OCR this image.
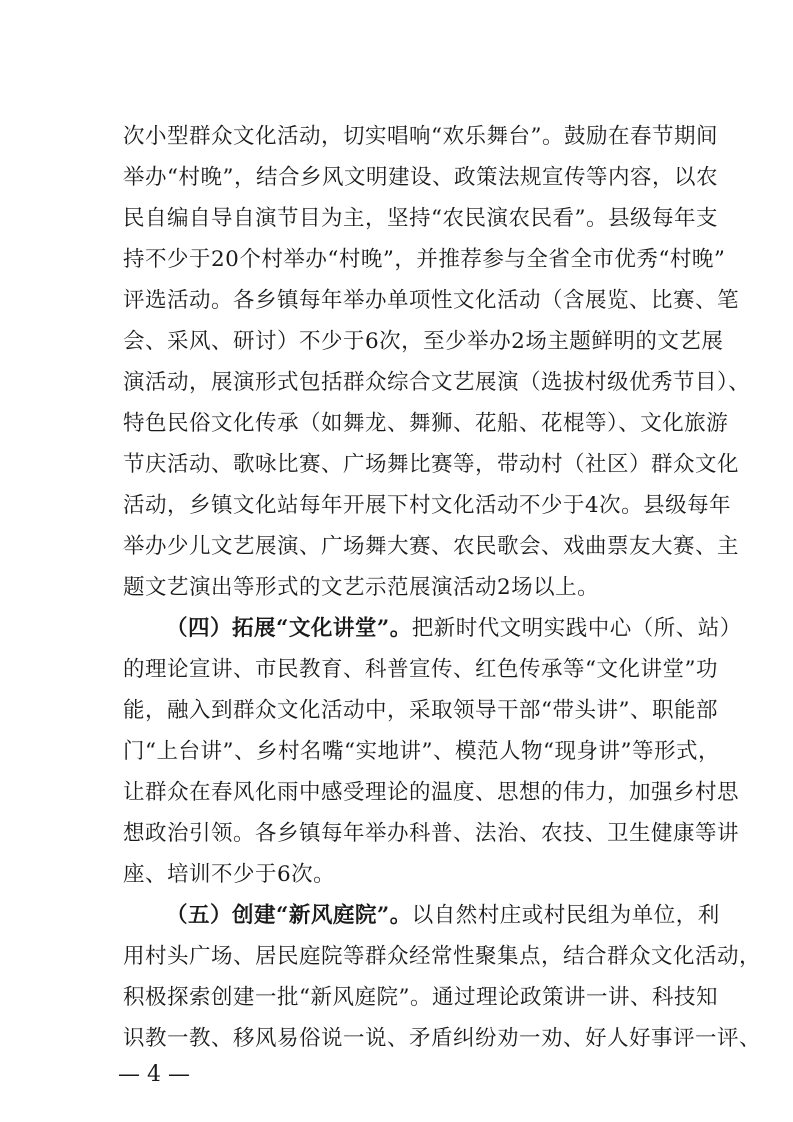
次小型群众文化活动，切实唱响“欢乐舞台”。鼓励在春节期间
举办“村晚”，结合乡风文明建设、政策法规宣传等内容，以农
民自编自导自演节目为主，坚持“农民演农民看”。县级每年支
持不少于20个村举办“村晚”，并推荐参与全省全市优秀“村晚”
评选活动。各乡镇每年举办单项性文化活动（含展览、比赛、笔
会、采风、研讨）不少于6次，至少举办2场主题鲜明的文艺展
演活动，展演形式包括群众综合文艺展演（选拔村级优秀节目）、
特色民俗文化传承（如舞龙、舞狮、花船、花棍等）、文化旅游
节庆活动、歌咏比赛、广场舞比赛等，带动村（社区）群众文化
活动，乡镇文化站每年开展下村文化活动不少于4次。县级每年
举办少儿文艺展演、广场舞大赛、农民歌会、戏曲票友大赛、主
题文艺演出等形式的文艺示范展演活动2场以上。
（四）拓展“文化讲堂”。把新时代文明实践中心（所、站）
的理论宣讲、市民教育、科普宣传、红色传承等“文化讲堂”功
能，融入到群众文化活动中，采取领导干部“带头讲”、职能部
门“上台讲”、乡村名嘴“实地讲”、模范人物“现身讲”等形式，
让群众在春风化雨中感受理论的温度、思想的伟力，加强乡村思
想政治引领。各乡镇每年举办科普、法治、农技、卫生健康等讲
座、培训不少于6次。
（五）创建“新风庭院”。以自然村庄或村民组为单位，利
用村头广场、居民庭院等群众经常性聚集点，结合群众文化活动，
积极探索创建一批“新风庭院”。通过理论政策讲一讲、科技知
识教一教、移风易俗说一说、矛盾纠纷劝一劝、好人好事评一评、
— 4 —
